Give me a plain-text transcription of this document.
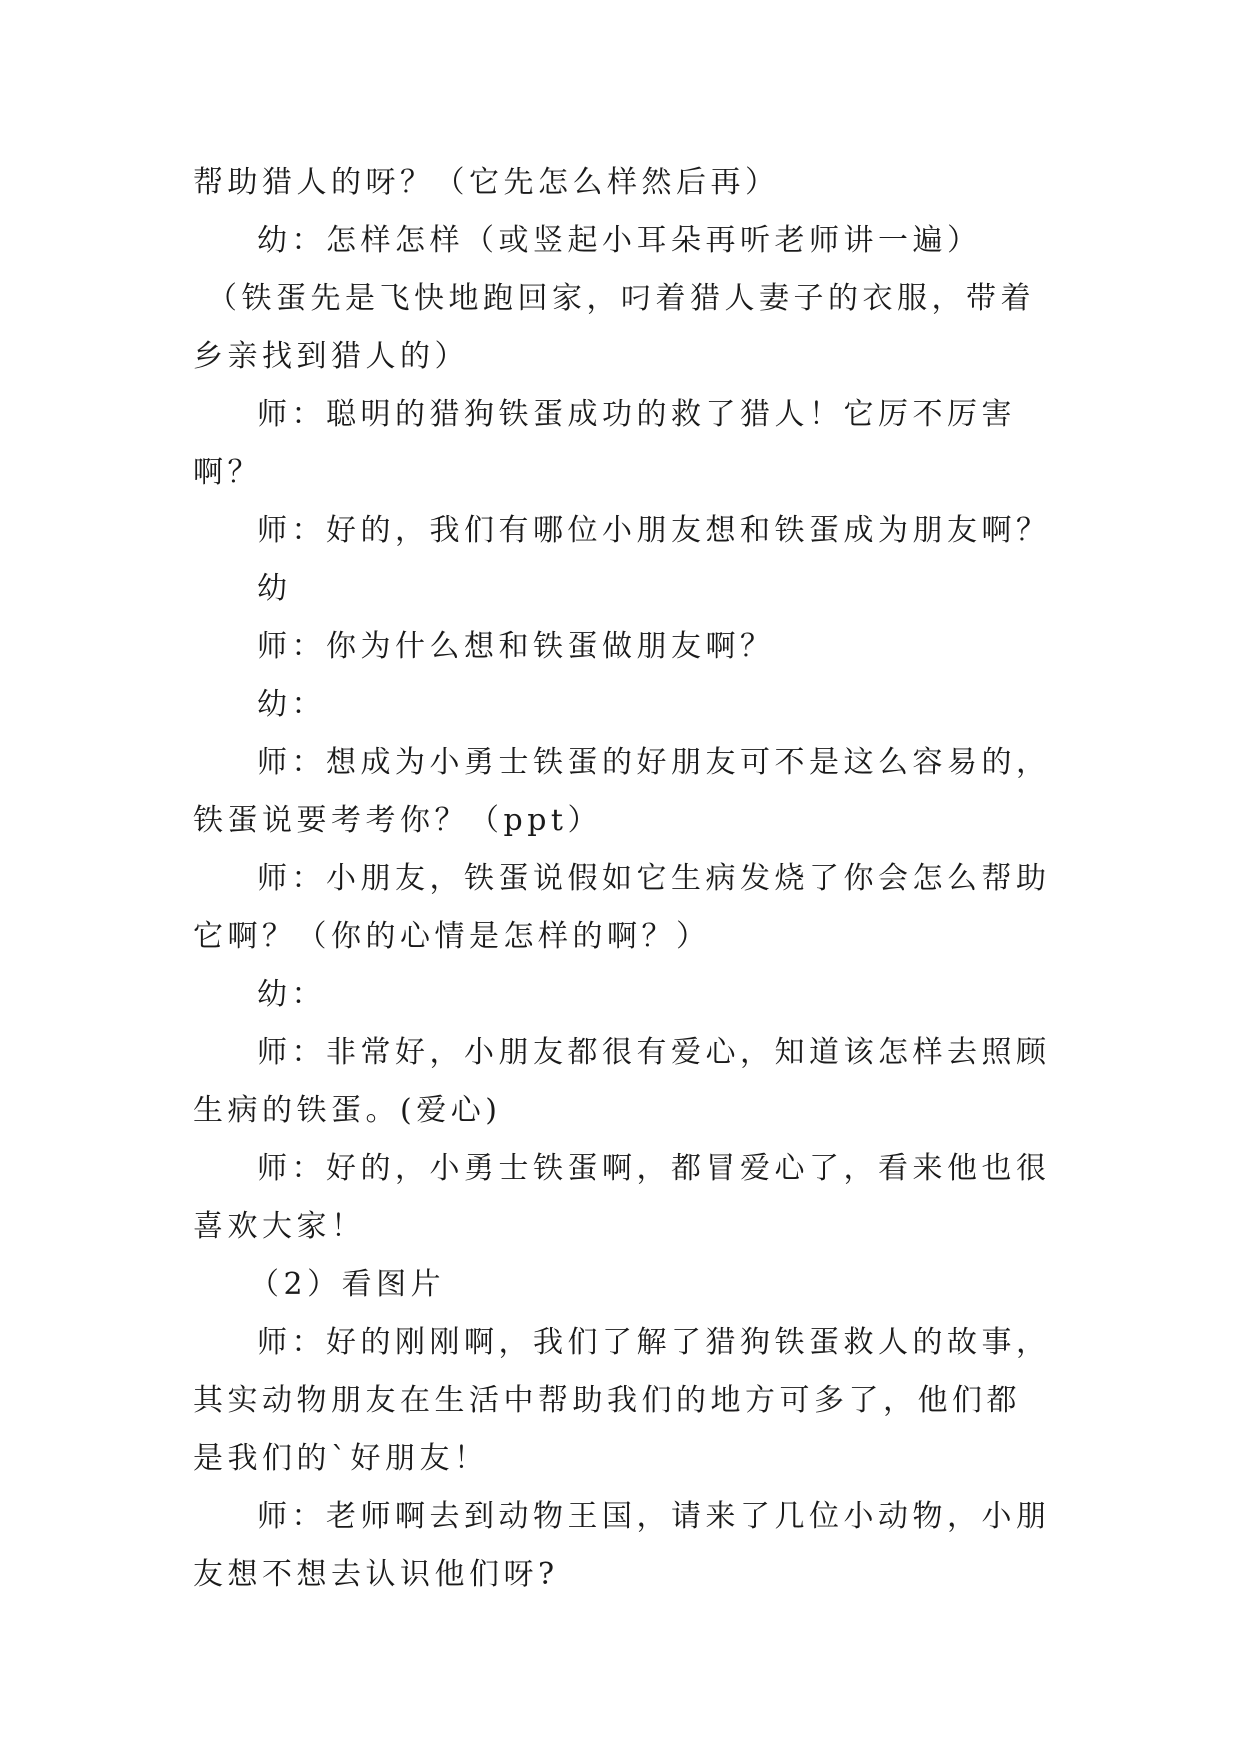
帮助猎人的呀？（它先怎么样然后再）

幼：怎样怎样（或竖起小耳朵再听老师讲一遍）

（铁蛋先是飞快地跑回家，叼着猎人妻子的衣服，带着乡亲找到猎人的）

师：聪明的猎狗铁蛋成功的救了猎人！它厉不厉害啊？

师：好的，我们有哪位小朋友想和铁蛋成为朋友啊？

幼

师：你为什么想和铁蛋做朋友啊？

幼：

师：想成为小勇士铁蛋的好朋友可不是这么容易的，铁蛋说要考考你？（ppt）

师：小朋友，铁蛋说假如它生病发烧了你会怎么帮助它啊？（你的心情是怎样的啊？）

幼：

师：非常好，小朋友都很有爱心，知道该怎样去照顾生病的铁蛋。(爱心)

师：好的，小勇士铁蛋啊，都冒爱心了，看来他也很喜欢大家！

（2）看图片

师：好的刚刚啊，我们了解了猎狗铁蛋救人的故事，其实动物朋友在生活中帮助我们的地方可多了，他们都是我们的`好朋友！

师：老师啊去到动物王国，请来了几位小动物，小朋友想不想去认识他们呀?
